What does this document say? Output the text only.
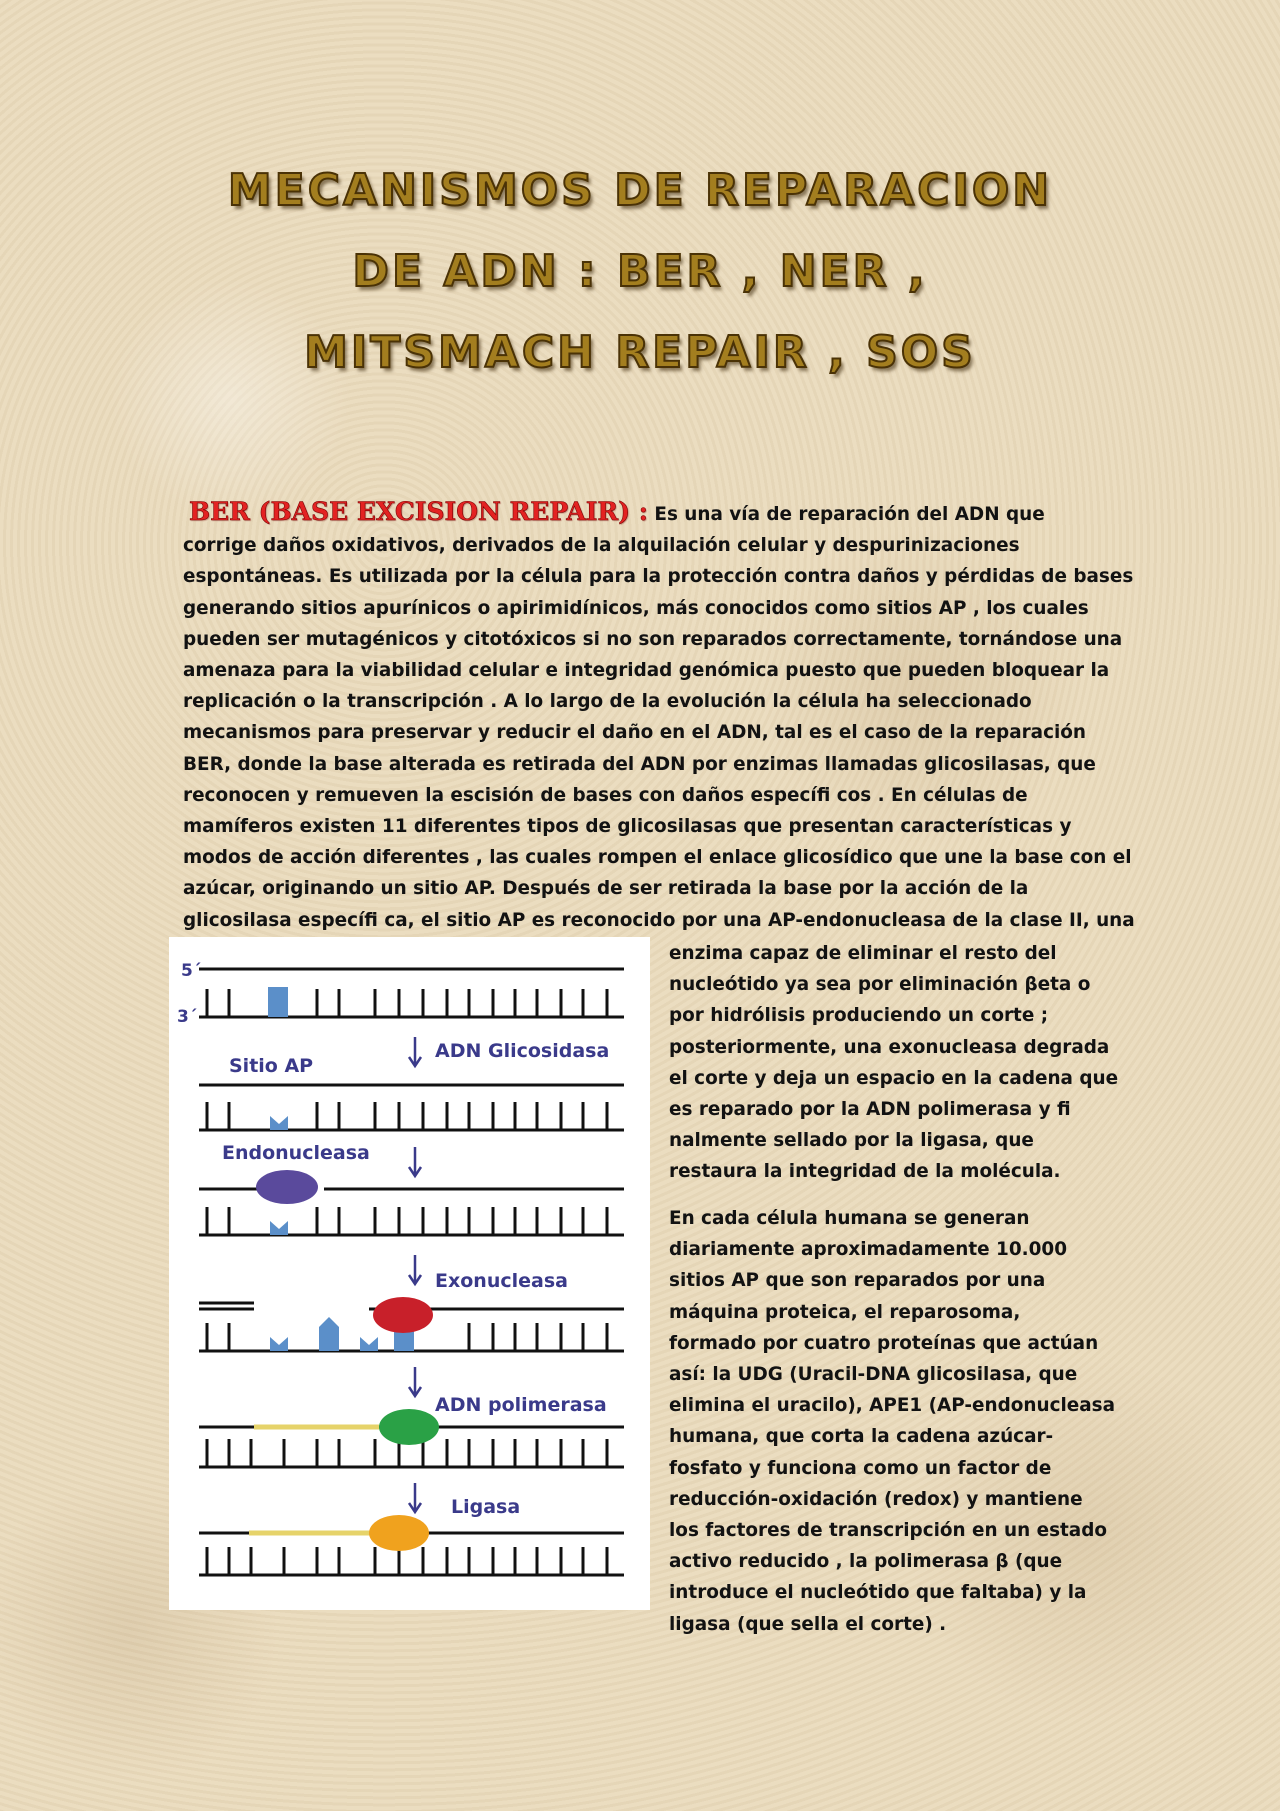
MECANISMOS DE REPARACION
DE ADN : BER , NER ,
MITSMACH REPAIR , SOS
BER (BASE EXCISION REPAIR) : Es una vía de reparación del ADN que
corrige daños oxidativos, derivados de la alquilación celular y despurinizaciones
espontáneas. Es utilizada por la célula para la protección contra daños y pérdidas de bases
generando sitios apurínicos o apirimidínicos, más conocidos como sitios AP , los cuales
pueden ser mutagénicos y citotóxicos si no son reparados correctamente, tornándose una
amenaza para la viabilidad celular e integridad genómica puesto que pueden bloquear la
replicación o la transcripción . A lo largo de la evolución la célula ha seleccionado
mecanismos para preservar y reducir el daño en el ADN, tal es el caso de la reparación
BER, donde la base alterada es retirada del ADN por enzimas llamadas glicosilasas, que
reconocen y remueven la escisión de bases con daños específi cos . En células de
mamíferos existen 11 diferentes tipos de glicosilasas que presentan características y
modos de acción diferentes , las cuales rompen el enlace glicosídico que une la base con el
azúcar, originando un sitio AP. Después de ser retirada la base por la acción de la
glicosilasa específi ca, el sitio AP es reconocido por una AP-endonucleasa de la clase II, una
enzima capaz de eliminar el resto del
nucleótido ya sea por eliminación βeta o
por hidrólisis produciendo un corte ;
posteriormente, una exonucleasa degrada
el corte y deja un espacio en la cadena que
es reparado por la ADN polimerasa y fi
nalmente sellado por la ligasa, que
restaura la integridad de la molécula.
En cada célula humana se generan
diariamente aproximadamente 10.000
sitios AP que son reparados por una
máquina proteica, el reparosoma,
formado por cuatro proteínas que actúan
así: la UDG (Uracil-DNA glicosilasa, que
elimina el uracilo), APE1 (AP-endonucleasa
humana, que corta la cadena azúcar-
fosfato y funciona como un factor de
reducción-oxidación (redox) y mantiene
los factores de transcripción en un estado
activo reducido , la polimerasa β (que
introduce el nucleótido que faltaba) y la
ligasa (que sella el corte) .
5´
3´
Sitio AP
ADN Glicosidasa
Endonucleasa
Exonucleasa
ADN polimerasa
Ligasa
